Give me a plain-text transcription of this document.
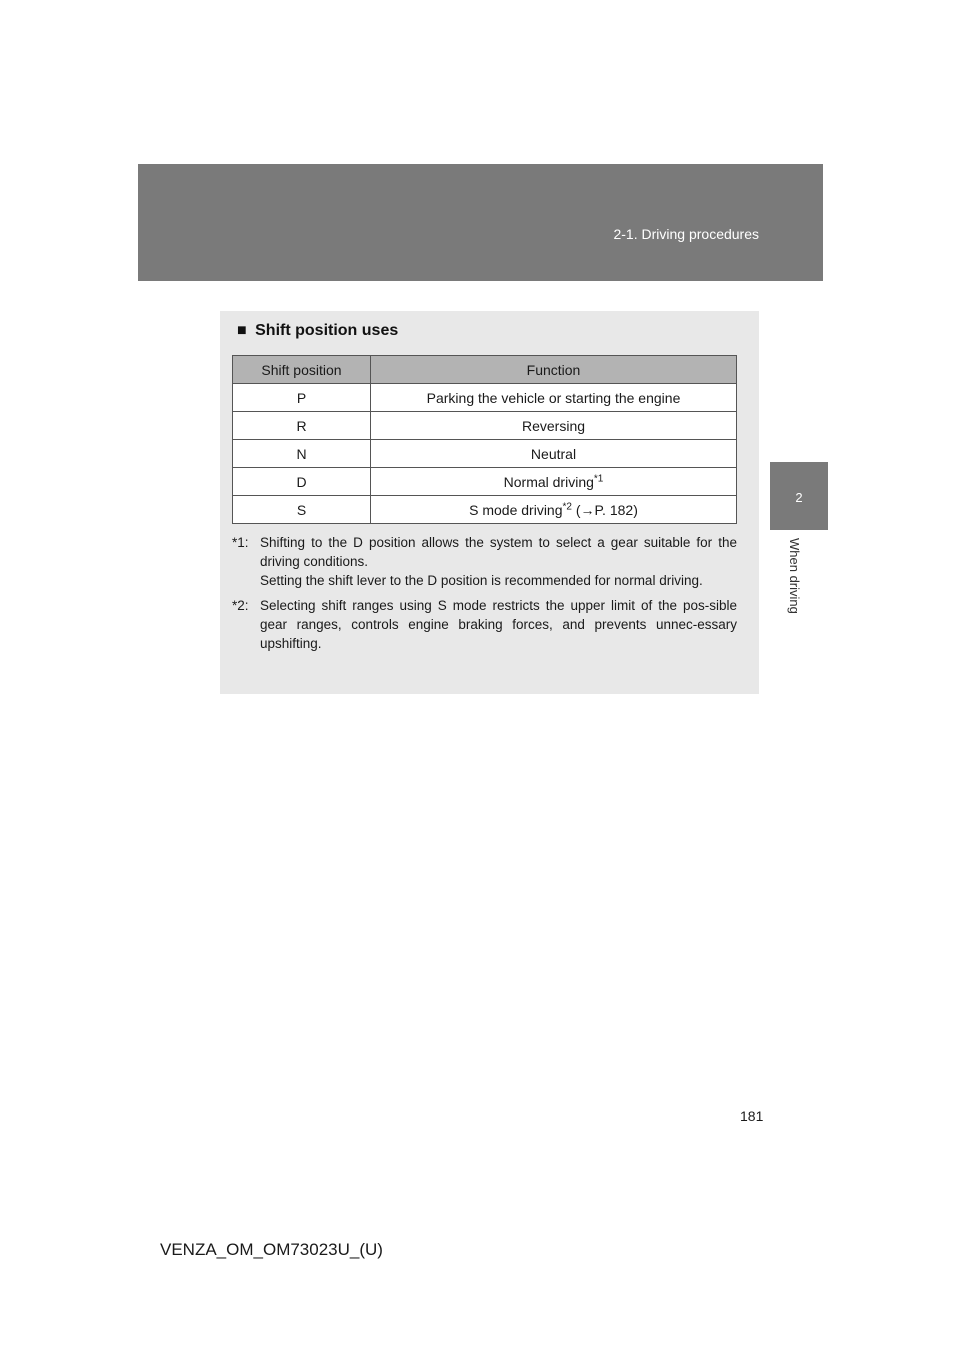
2-1. Driving procedures
2
When driving
■ Shift position uses
Shift position	Function
P	Parking the vehicle or starting the engine
R	Reversing
N	Neutral
D	Normal driving$^{*1}$
S	S mode driving$^{*2}$ (→P. 182)
*1: Shifting to the D position allows the system to select a gear suitable for the driving conditions.
Setting the shift lever to the D position is recommended for normal driving.
*2: Selecting shift ranges using S mode restricts the upper limit of the pos-sible gear ranges, controls engine braking forces, and prevents unnec-essary upshifting.
181
VENZA_OM_OM73023U_(U)
